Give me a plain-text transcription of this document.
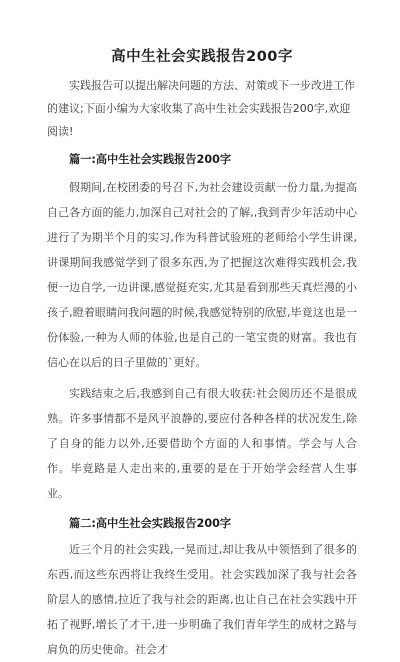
高中生社会实践报告200字

实践报告可以提出解决问题的方法、对策或下一步改进工作的建议;下面小编为大家收集了高中生社会实践报告200字,欢迎阅读!

篇一:高中生社会实践报告200字

假期间,在校团委的号召下,为社会建设贡献一份力量,为提高自己各方面的能力,加深自己对社会的了解,,我到青少年活动中心进行了为期半个月的实习,作为科普试验班的老师给小学生讲课,讲课期间我感觉学到了很多东西,为了把握这次难得实践机会,我便一边自学,一边讲课,感觉挺充实,尤其是看到那些天真烂漫的小孩子,瞪着眼睛问我问题的时候,我感觉特别的欣慰,毕竟这也是一份体验,一种为人师的体验,也是自己的一笔宝贵的财富。我也有信心在以后的日子里做的`更好。

实践结束之后,我感到自己有很大收获:社会阅历还不是很成熟。许多事情都不是风平浪静的,要应付各种各样的状况发生,除了自身的能力以外,还要借助个方面的人和事情。学会与人合作。毕竟路是人走出来的,重要的是在于开始学会经营人生事业。

篇二:高中生社会实践报告200字

近三个月的社会实践,一晃而过,却让我从中领悟到了很多的东西,而这些东西将让我终生受用。社会实践加深了我与社会各阶层人的感情,拉近了我与社会的距离,也让自己在社会实践中开拓了视野,增长了才干,进一步明确了我们青年学生的成材之路与肩负的历史使命。社会才
